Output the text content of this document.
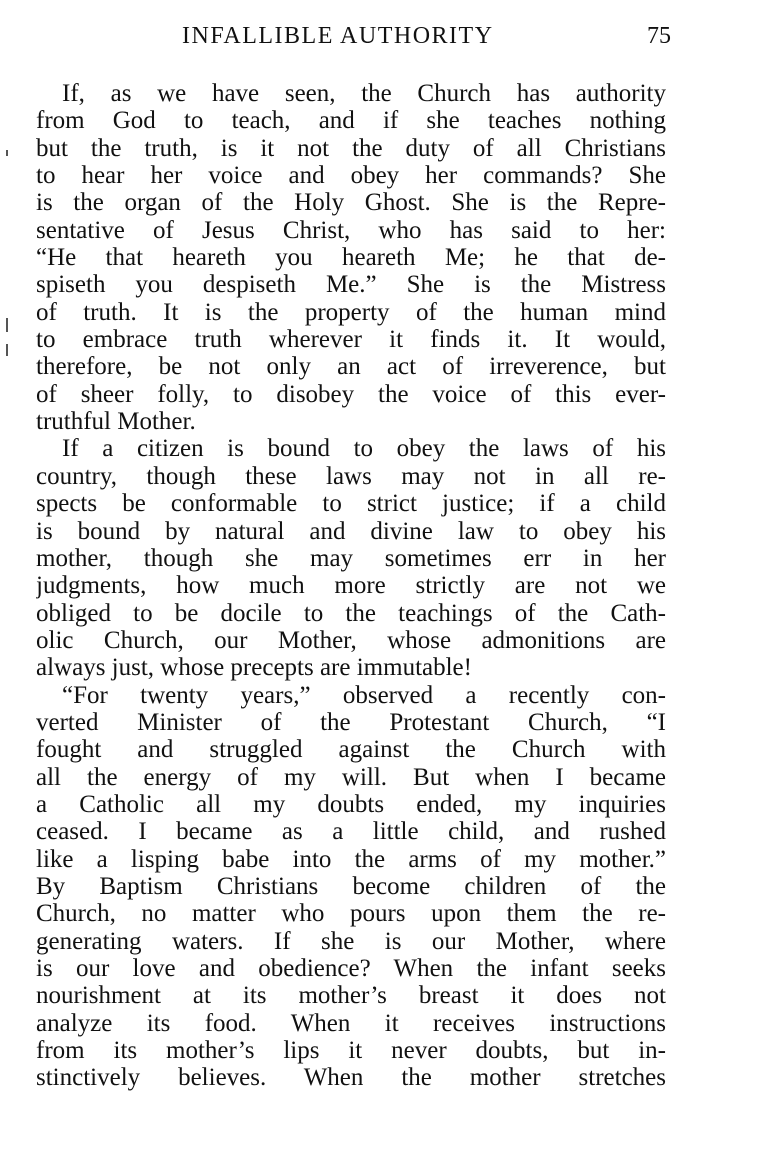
INFALLIBLE AUTHORITY	75
If, as we have seen, the Church has authority
from God to teach, and if she teaches nothing
but the truth, is it not the duty of all Christians
to hear her voice and obey her commands? She
is the organ of the Holy Ghost. She is the Repre-
sentative of Jesus Christ, who has said to her:
“He that heareth you heareth Me; he that de-
spiseth you despiseth Me.” She is the Mistress
of truth. It is the property of the human mind
to embrace truth wherever it finds it. It would,
therefore, be not only an act of irreverence, but
of sheer folly, to disobey the voice of this ever-
truthful Mother.
If a citizen is bound to obey the laws of his
country, though these laws may not in all re-
spects be conformable to strict justice; if a child
is bound by natural and divine law to obey his
mother, though she may sometimes err in her
judgments, how much more strictly are not we
obliged to be docile to the teachings of the Cath-
olic Church, our Mother, whose admonitions are
always just, whose precepts are immutable!
“For twenty years,” observed a recently con-
verted Minister of the Protestant Church, “I
fought and struggled against the Church with
all the energy of my will. But when I became
a Catholic all my doubts ended, my inquiries
ceased. I became as a little child, and rushed
like a lisping babe into the arms of my mother.”
By Baptism Christians become children of the
Church, no matter who pours upon them the re-
generating waters. If she is our Mother, where
is our love and obedience? When the infant seeks
nourishment at its mother’s breast it does not
analyze its food. When it receives instructions
from its mother’s lips it never doubts, but in-
stinctively believes. When the mother stretches
